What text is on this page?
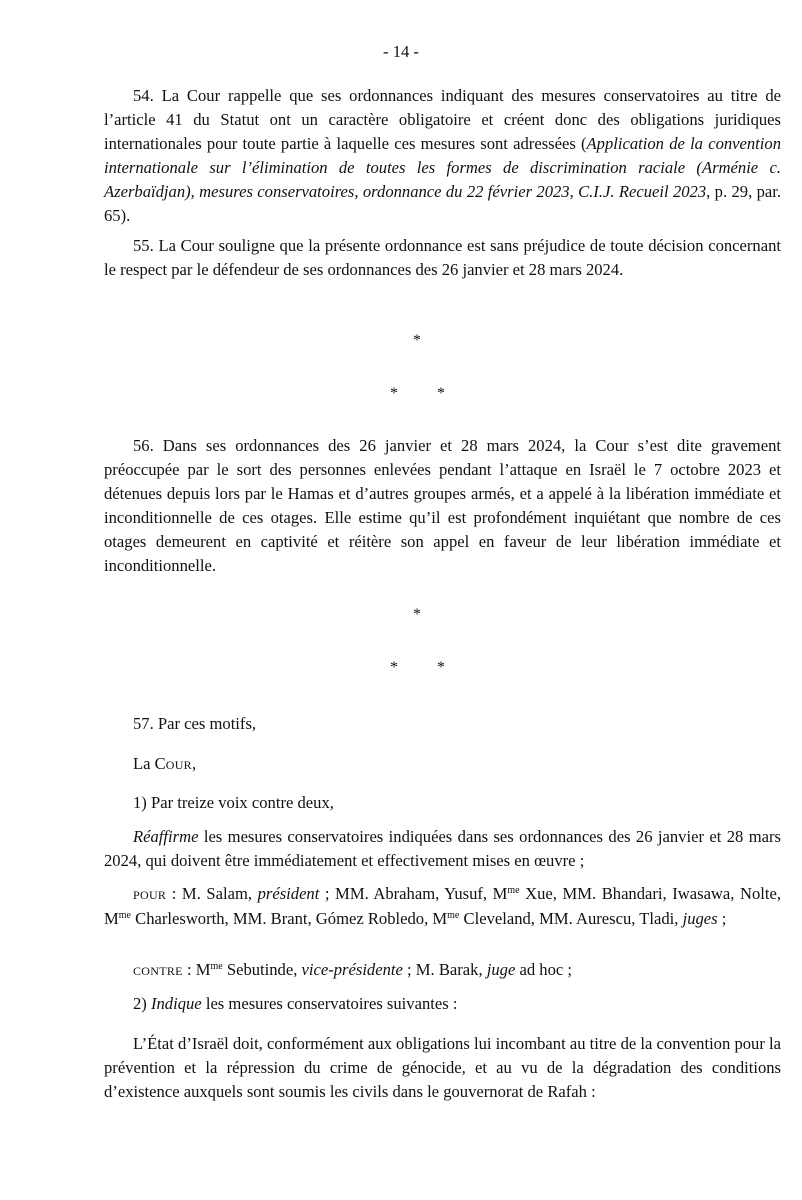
- 14 -

54. La Cour rappelle que ses ordonnances indiquant des mesures conservatoires au titre de l’article 41 du Statut ont un caractère obligatoire et créent donc des obligations juridiques internationales pour toute partie à laquelle ces mesures sont adressées (Application de la convention internationale sur l’élimination de toutes les formes de discrimination raciale (Arménie c. Azerbaïdjan), mesures conservatoires, ordonnance du 22 février 2023, C.I.J. Recueil 2023, p. 29, par. 65).

55. La Cour souligne que la présente ordonnance est sans préjudice de toute décision concernant le respect par le défendeur de ses ordonnances des 26 janvier et 28 mars 2024.

*
* *

56. Dans ses ordonnances des 26 janvier et 28 mars 2024, la Cour s’est dite gravement préoccupée par le sort des personnes enlevées pendant l’attaque en Israël le 7 octobre 2023 et détenues depuis lors par le Hamas et d’autres groupes armés, et a appelé à la libération immédiate et inconditionnelle de ces otages. Elle estime qu’il est profondément inquiétant que nombre de ces otages demeurent en captivité et réitère son appel en faveur de leur libération immédiate et inconditionnelle.

*
* *

57. Par ces motifs,

La COUR,

1) Par treize voix contre deux,

Réaffirme les mesures conservatoires indiquées dans ses ordonnances des 26 janvier et 28 mars 2024, qui doivent être immédiatement et effectivement mises en œuvre ;

POUR : M. Salam, président ; MM. Abraham, Yusuf, $M^{me}$ Xue, MM. Bhandari, Iwasawa, Nolte, $M^{me}$ Charlesworth, MM. Brant, Gómez Robledo, $M^{me}$ Cleveland, MM. Aurescu, Tladi, juges ;

CONTRE : $M^{me}$ Sebutinde, vice-présidente ; M. Barak, juge ad hoc ;

2) Indique les mesures conservatoires suivantes :

L’État d’Israël doit, conformément aux obligations lui incombant au titre de la convention pour la prévention et la répression du crime de génocide, et au vu de la dégradation des conditions d’existence auxquels sont soumis les civils dans le gouvernorat de Rafah :
